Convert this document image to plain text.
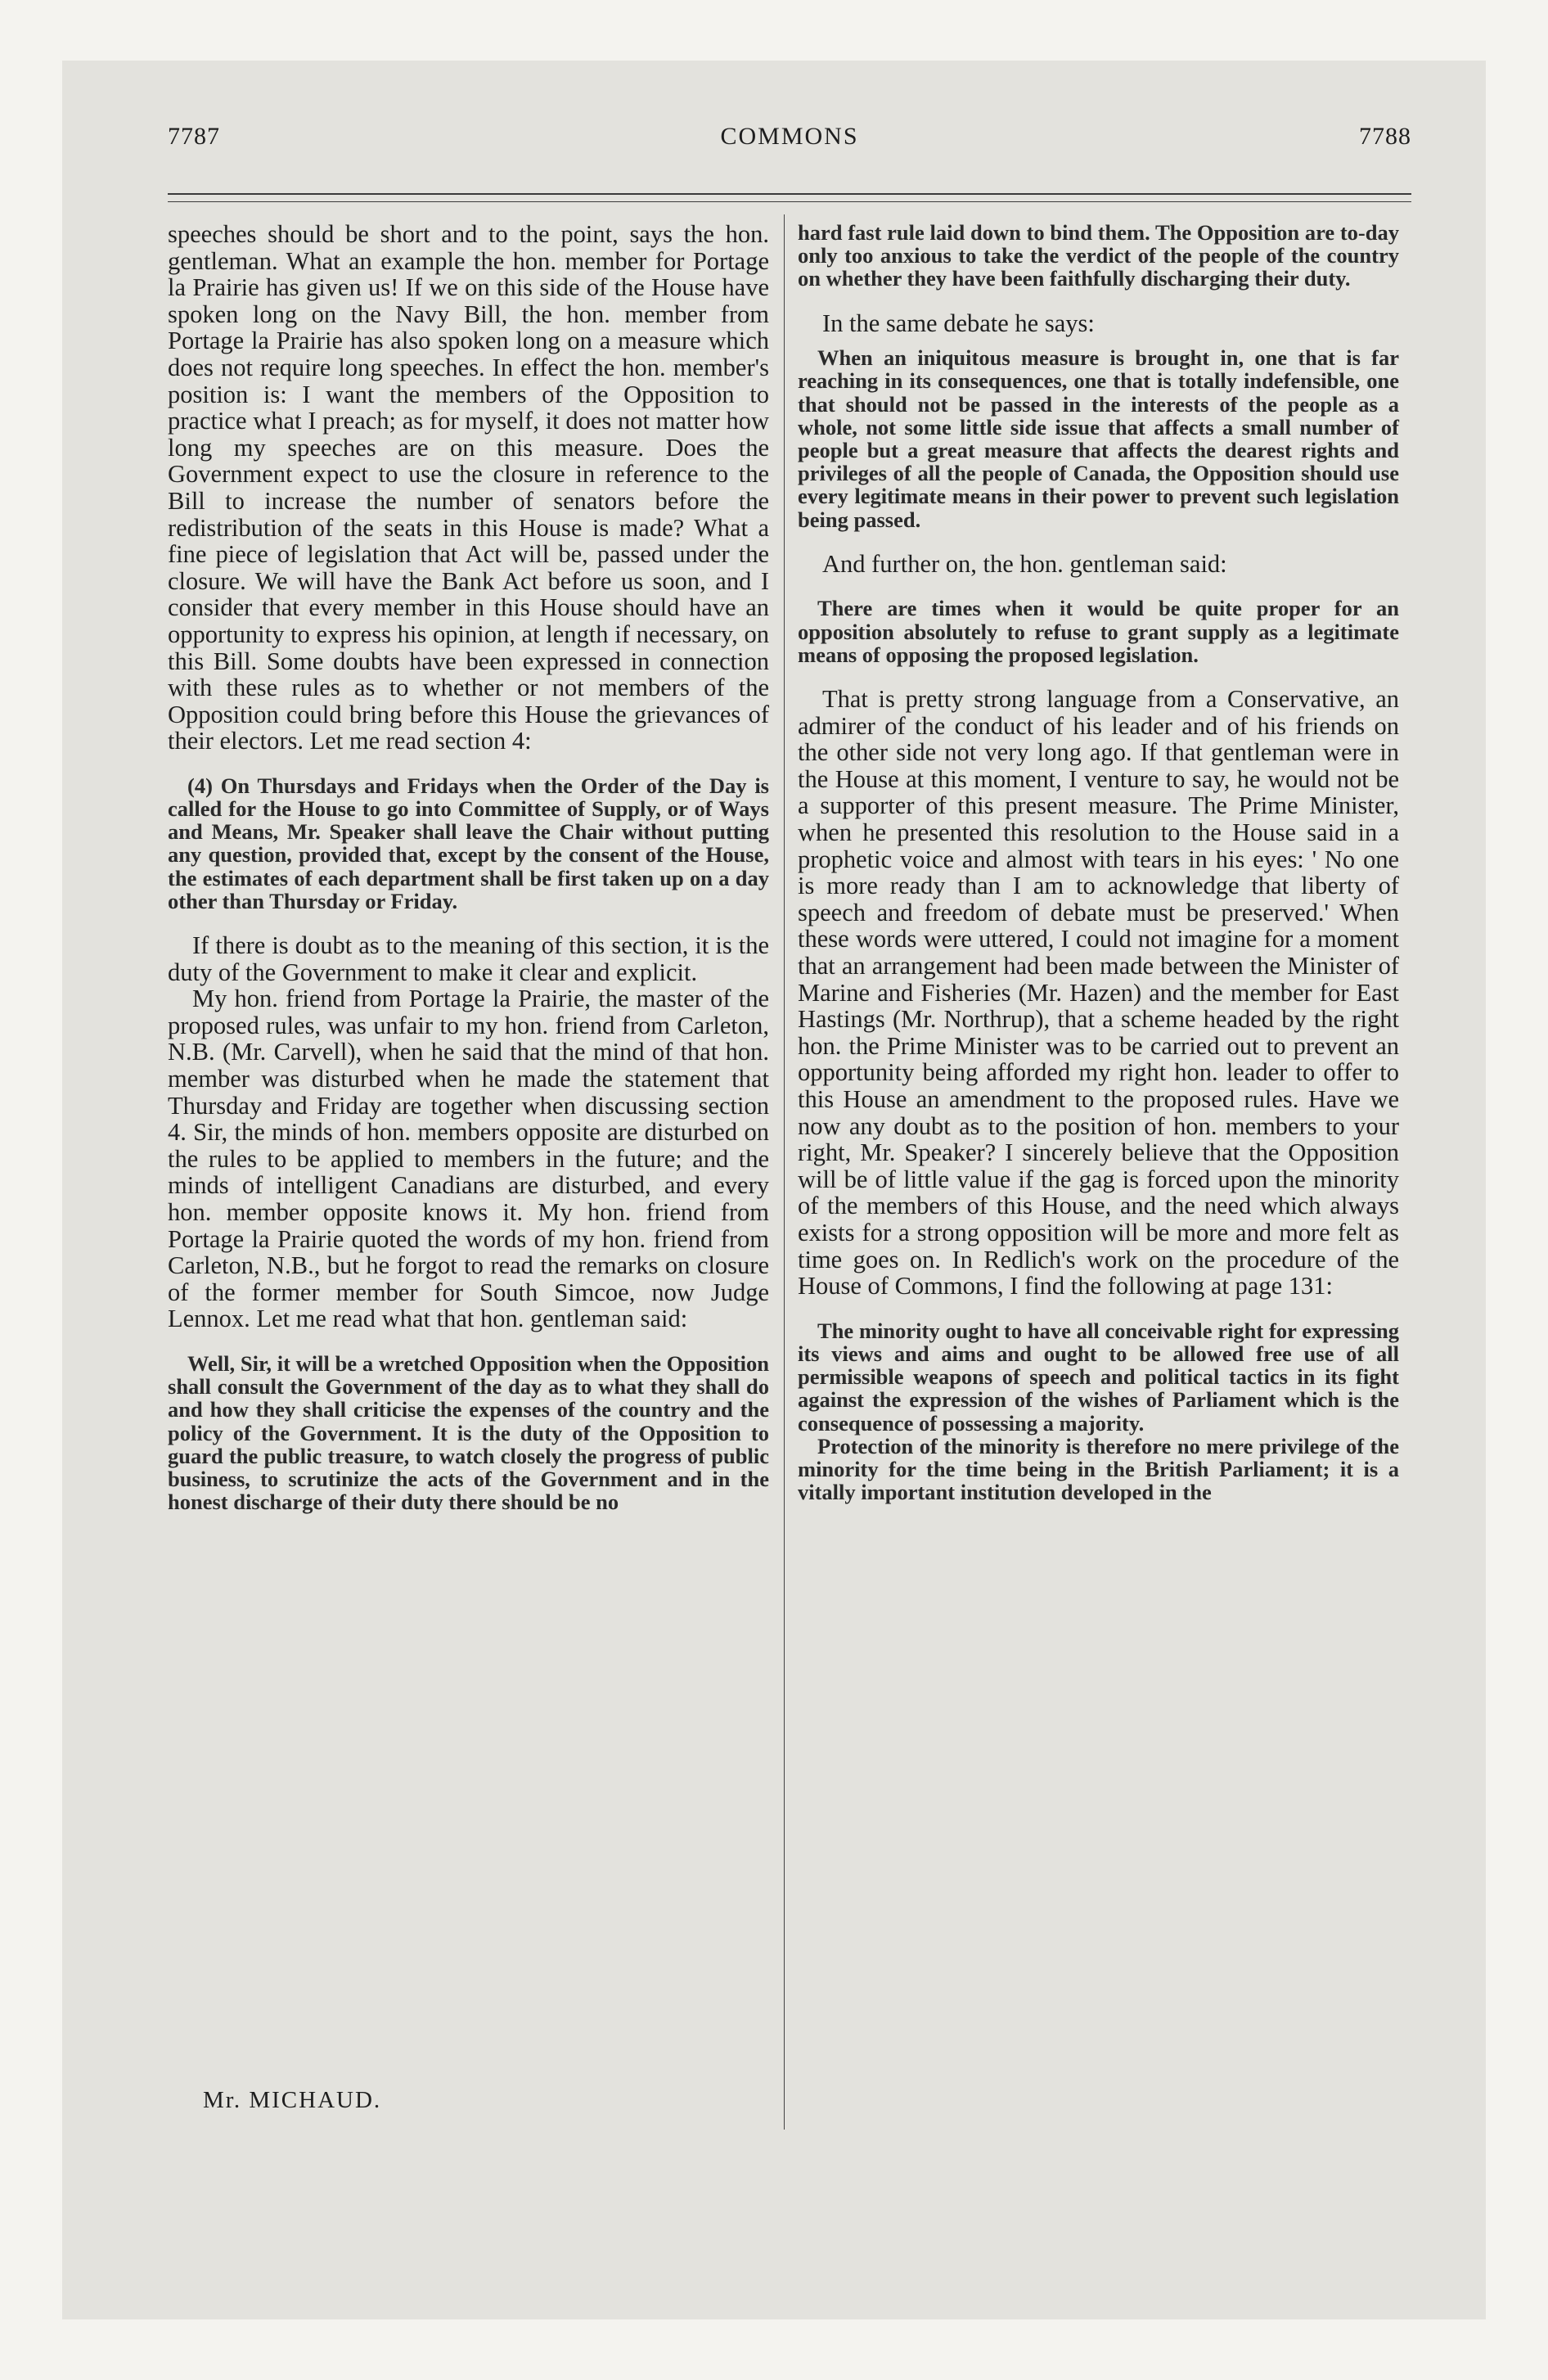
7787	COMMONS	7788

speeches should be short and to the point, says the hon. gentleman. What an example the hon. member for Portage la Prairie has given us! If we on this side of the House have spoken long on the Navy Bill, the hon. member from Portage la Prairie has also spoken long on a measure which does not require long speeches. In effect the hon. member's position is: I want the members of the Opposition to practice what I preach; as for myself, it does not matter how long my speeches are on this measure. Does the Government expect to use the closure in reference to the Bill to increase the number of senators before the redistribution of the seats in this House is made? What a fine piece of legislation that Act will be, passed under the closure. We will have the Bank Act before us soon, and I consider that every member in this House should have an opportunity to express his opinion, at length if necessary, on this Bill. Some doubts have been expressed in connection with these rules as to whether or not members of the Opposition could bring before this House the grievances of their electors. Let me read section 4:

(4) On Thursdays and Fridays when the Order of the Day is called for the House to go into Committee of Supply, or of Ways and Means, Mr. Speaker shall leave the Chair without putting any question, provided that, except by the consent of the House, the estimates of each department shall be first taken up on a day other than Thursday or Friday.

If there is doubt as to the meaning of this section, it is the duty of the Government to make it clear and explicit.

My hon. friend from Portage la Prairie, the master of the proposed rules, was unfair to my hon. friend from Carleton, N.B. (Mr. Carvell), when he said that the mind of that hon. member was disturbed when he made the statement that Thursday and Friday are together when discussing section 4. Sir, the minds of hon. members opposite are disturbed on the rules to be applied to members in the future; and the minds of intelligent Canadians are disturbed, and every hon. member opposite knows it. My hon. friend from Portage la Prairie quoted the words of my hon. friend from Carleton, N.B., but he forgot to read the remarks on closure of the former member for South Simcoe, now Judge Lennox. Let me read what that hon. gentleman said:

Well, Sir, it will be a wretched Opposition when the Opposition shall consult the Government of the day as to what they shall do and how they shall criticise the expenses of the country and the policy of the Government. It is the duty of the Opposition to guard the public treasure, to watch closely the progress of public business, to scrutinize the acts of the Government and in the honest discharge of their duty there should be no

Mr. MICHAUD.

hard fast rule laid down to bind them. The Opposition are to-day only too anxious to take the verdict of the people of the country on whether they have been faithfully discharging their duty.

In the same debate he says:

When an iniquitous measure is brought in, one that is far reaching in its consequences, one that is totally indefensible, one that should not be passed in the interests of the people as a whole, not some little side issue that affects a small number of people but a great measure that affects the dearest rights and privileges of all the people of Canada, the Opposition should use every legitimate means in their power to prevent such legislation being passed.

And further on, the hon. gentleman said:

There are times when it would be quite proper for an opposition absolutely to refuse to grant supply as a legitimate means of opposing the proposed legislation.

That is pretty strong language from a Conservative, an admirer of the conduct of his leader and of his friends on the other side not very long ago. If that gentleman were in the House at this moment, I venture to say, he would not be a supporter of this present measure. The Prime Minister, when he presented this resolution to the House said in a prophetic voice and almost with tears in his eyes: ' No one is more ready than I am to acknowledge that liberty of speech and freedom of debate must be preserved.' When these words were uttered, I could not imagine for a moment that an arrangement had been made between the Minister of Marine and Fisheries (Mr. Hazen) and the member for East Hastings (Mr. Northrup), that a scheme headed by the right hon. the Prime Minister was to be carried out to prevent an opportunity being afforded my right hon. leader to offer to this House an amendment to the proposed rules. Have we now any doubt as to the position of hon. members to your right, Mr. Speaker? I sincerely believe that the Opposition will be of little value if the gag is forced upon the minority of the members of this House, and the need which always exists for a strong opposition will be more and more felt as time goes on. In Redlich's work on the procedure of the House of Commons, I find the following at page 131:

The minority ought to have all conceivable right for expressing its views and aims and ought to be allowed free use of all permissible weapons of speech and political tactics in its fight against the expression of the wishes of Parliament which is the consequence of possessing a majority.

Protection of the minority is therefore no mere privilege of the minority for the time being in the British Parliament; it is a vitally important institution developed in the
